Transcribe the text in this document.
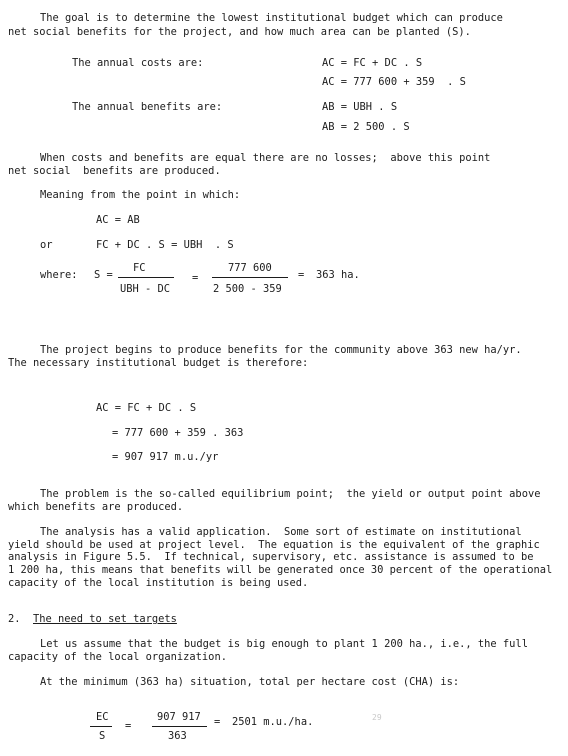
The goal is to determine the lowest institutional budget which can produce
net social benefits for the project, and how much area can be planted (S).
The annual costs are:	AC = FC + DC . S
AC = 777 600 + 359  . S
The annual benefits are:	AB = UBH . S
AB = 2 500 . S
When costs and benefits are equal there are no losses;  above this point
net social  benefits are produced.
Meaning from the point in which:
AC = AB
or	FC + DC . S = UBH  . S
where: S =
FC
UBH - DC
=
777 600
2 500 - 359
= 363 ha.
The project begins to produce benefits for the community above 363 new ha/yr.
The necessary institutional budget is therefore:
AC = FC + DC . S
= 777 600 + 359 . 363
= 907 917 m.u./yr
The problem is the so-called equilibrium point;  the yield or output point above
which benefits are produced.
The analysis has a valid application.  Some sort of estimate on institutional
yield should be used at project level.  The equation is the equivalent of the graphic
analysis in Figure 5.5.  If technical, supervisory, etc. assistance is assumed to be
1 200 ha, this means that benefits will be generated once 30 percent of the operational
capacity of the local institution is being used.
2. The need to set targets
Let us assume that the budget is big enough to plant 1 200 ha., i.e., the full
capacity of the local organization.
At the minimum (363 ha) situation, total per hectare cost (CHA) is:
EC
S
=
907 917
363
= 2501 m.u./ha.	29
